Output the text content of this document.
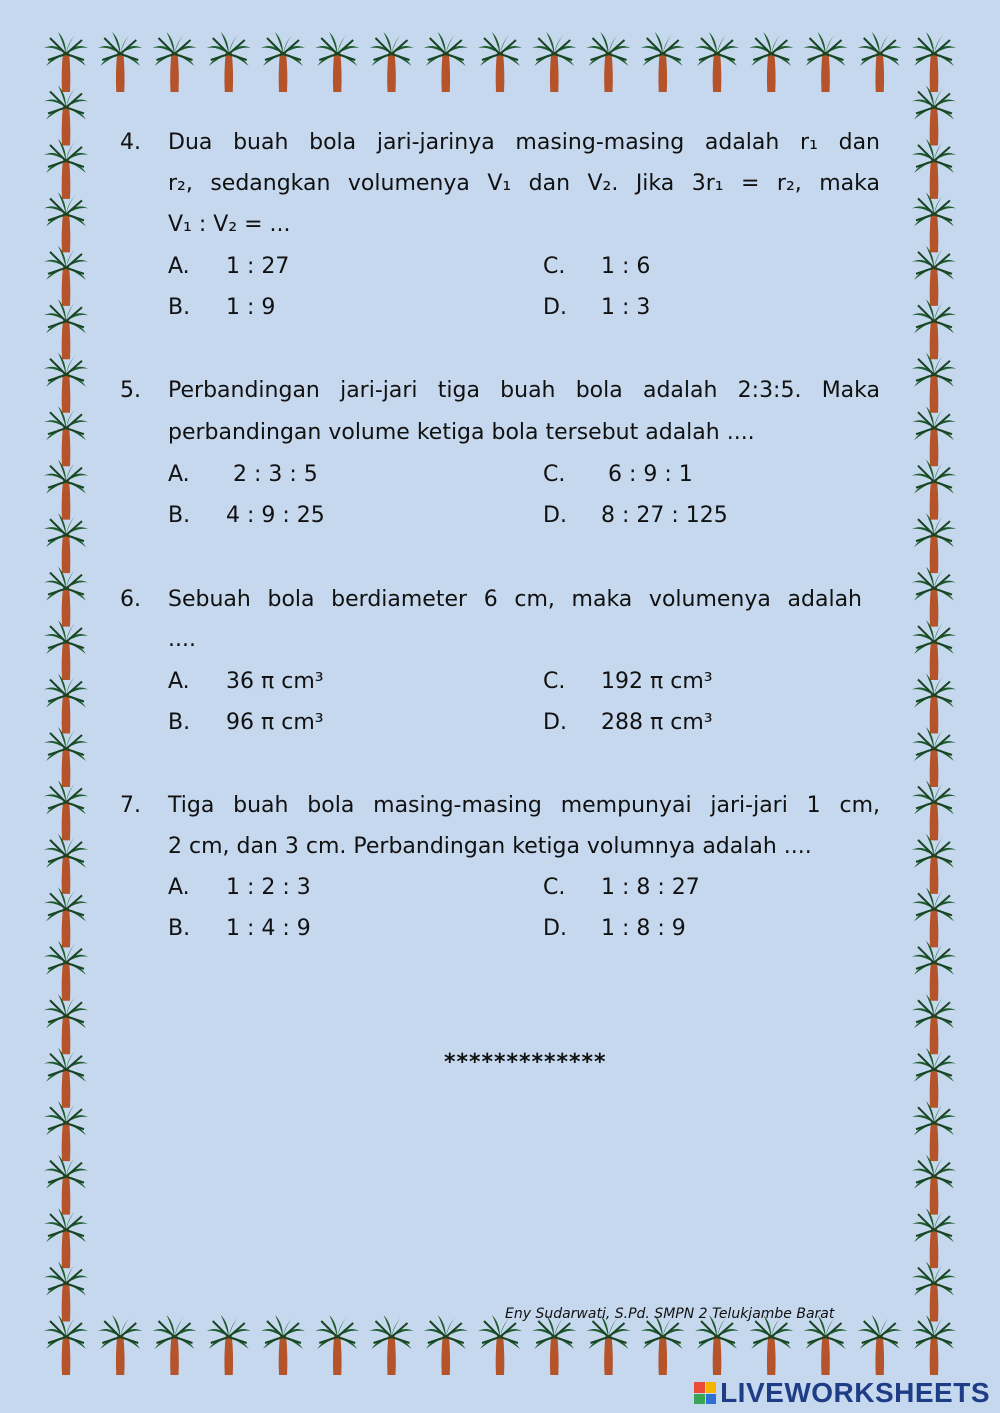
4.	Dua buah bola jari-jarinya masing-masing adalah r₁ dan
r₂, sedangkan volumenya V₁ dan V₂. Jika 3r₁ = r₂, maka
V₁ : V₂ = ...
A. 1 : 27
B. 1 : 9
C. 1 : 6
D. 1 : 3
5.	Perbandingan jari-jari tiga buah bola adalah 2:3:5. Maka
perbandingan volume ketiga bola tersebut adalah ....
A. 2 : 3 : 5
B. 4 : 9 : 25
C. 6 : 9 : 1
D. 8 : 27 : 125
6.	Sebuah bola berdiameter 6 cm, maka volumenya adalah
....
A. 36 π cm³
B. 96 π cm³
C. 192 π cm³
D. 288 π cm³
7.	Tiga buah bola masing-masing mempunyai jari-jari 1 cm,
2 cm, dan 3 cm. Perbandingan ketiga volumnya adalah ....
A. 1 : 2 : 3
B. 1 : 4 : 9
C. 1 : 8 : 27
D. 1 : 8 : 9
*************
Eny Sudarwati, S.Pd. SMPN 2 Telukjambe Barat
LIVEWORKSHEETS
